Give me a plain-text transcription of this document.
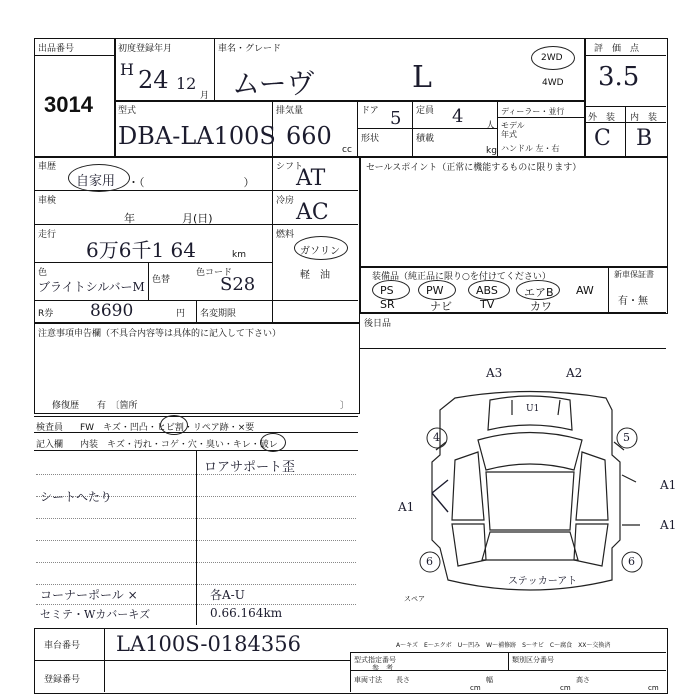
出品番号
3014
初度登録年月
H 24 12
月
車名・グレード
ムーヴ	L
2WD
4WD
評　価　点
3.5
外　装 内　装
C B
型式
DBA-LA100S
排気量
660 cc
ドア 5 定員 4	人
形状	積載
kg
ディーラー・並行
モデル年式
ハンドル 左・右
車歴
自家用 ・（　　　　　　　　　）
車検
年	月(日)
走行
6万6千1 64	km
色
ブライトシルバーM 色替
色コード
S28
R券 8690	円 名変期限
シフト
AT
冷房 AC
燃料
ガソリン
軽　油
セールスポイント（正常に機能するものに限ります）
装備品（純正品に限り○を付けてください）	新車保証書
有・無
PS	PW	ABS エアB AW
SR	ナビ	TV	カワ
後日品
注意事項申告欄（不具合内容等は具体的に記入して下さい）
修復歴　　有　〔箇所	〕
検査員 FW　キズ・凹凸・ヒビ割・リペア跡・×要
記入欄 内装　キズ・汚れ・コゲ・穴・臭い・キレ・破レ
ロアサポート歪
シートへたり
コーナーポール ×	各A-U
セミテ・Wカバーキズ	0.66.164km
A3	A2
U1
4	5
A1
A1
A1
6	6
ステッカーアト
スペア
A～キズ　E～エクボ　U～凹み　W～補修跡　S～サビ　C～腐食　XX～交換済
車台番号 LA100S-0184356
登録番号
型式指定番号	類別区分番号
参　考
車両寸法 長さ	幅	高さ
cm	cm	cm
